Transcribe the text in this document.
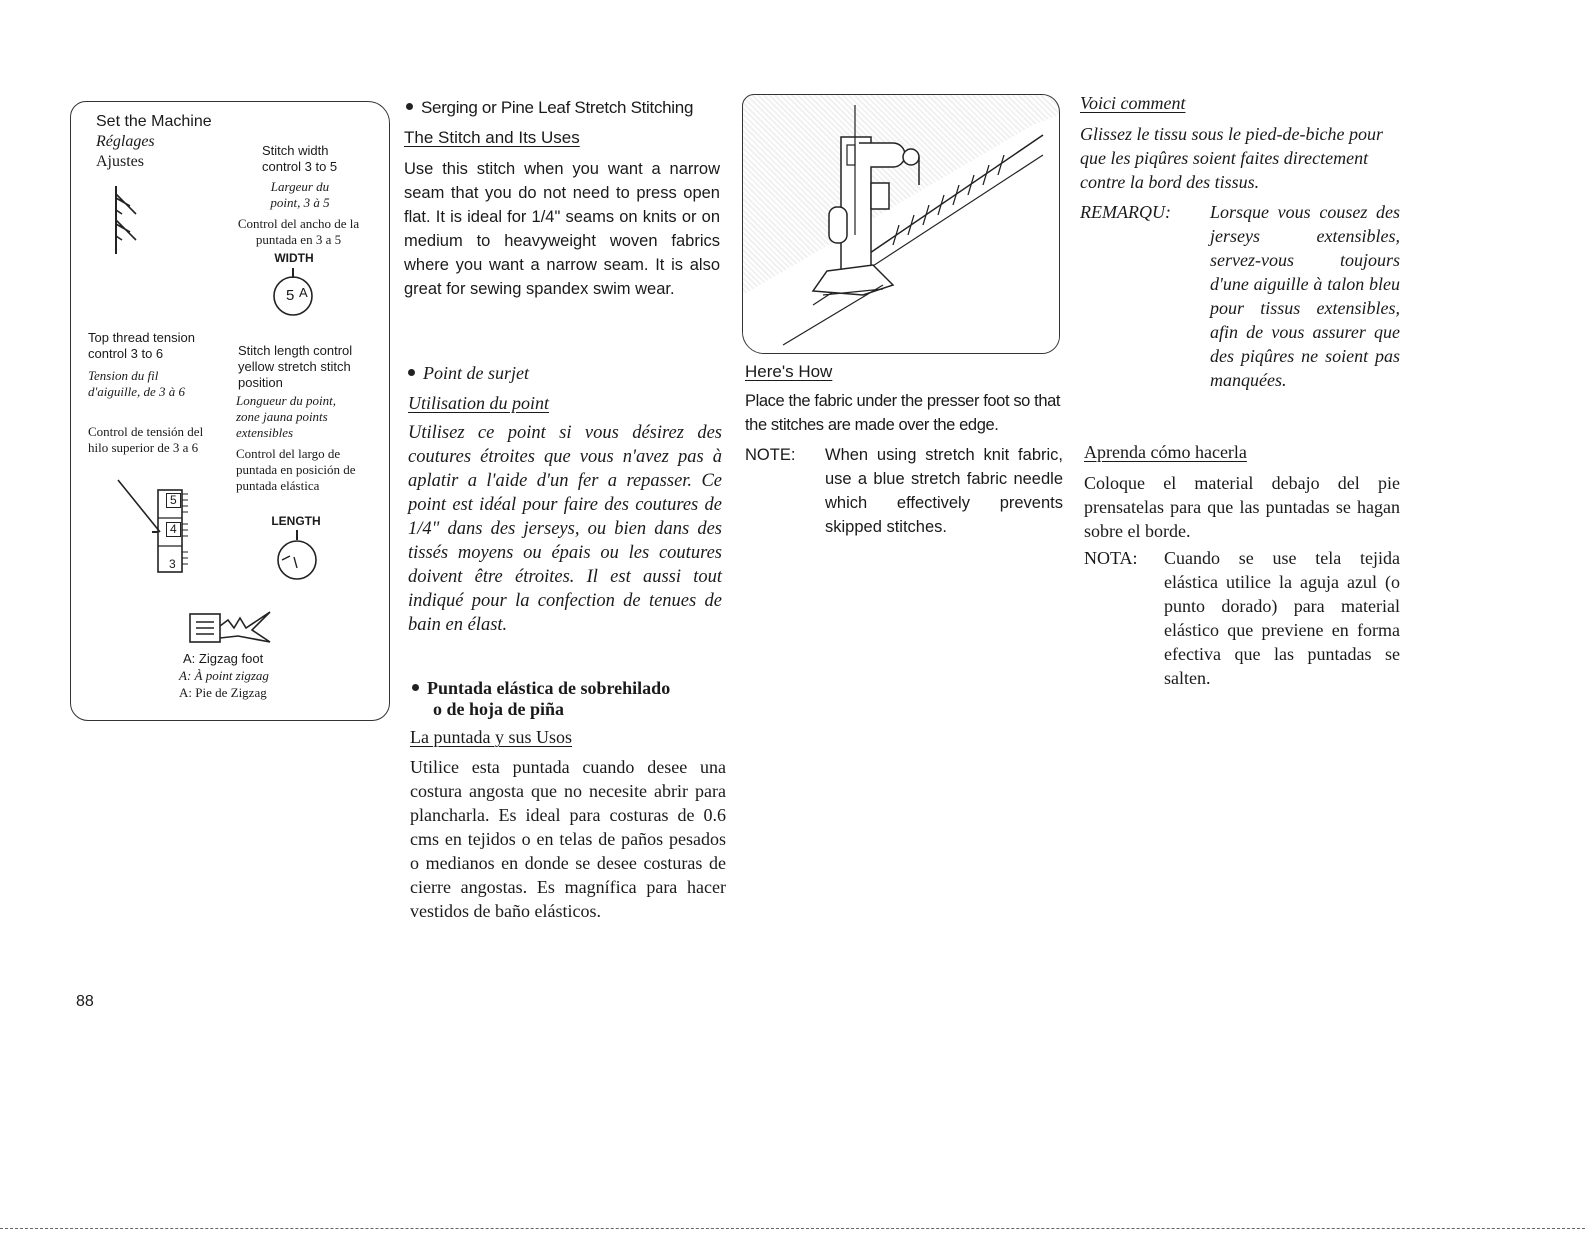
Set the Machine
Réglages
Ajustes
Stitch width control 3 to 5
Largeur du point, 3 à 5
Control del ancho de la puntada en 3 a 5
WIDTH
5 A
Top thread tension control 3 to 6
Tension du fil d'aiguille, de 3 à 6
Control de tensión del hilo superior de 3 a 6
5
4
3
Stitch length control yellow stretch stitch position
Longueur du point, zone jauna points extensibles
Control del largo de puntada en posición de puntada elástica
LENGTH
A: Zigzag foot
A: À point zigzag
A: Pie de Zigzag
Serging or Pine Leaf Stretch Stitching
The Stitch and Its Uses
Use this stitch when you want a narrow seam that you do not need to press open flat. It is ideal for 1/4" seams on knits or on medium to heavyweight woven fabrics where you want a narrow seam. It is also great for sewing spandex swim wear.
Point de surjet
Utilisation du point
Utilisez ce point si vous désirez des coutures étroites que vous n'avez pas à aplatir a l'aide d'un fer a repasser. Ce point est idéal pour faire des coutures de 1/4" dans des jerseys, ou bien dans des tissés moyens ou épais ou les coutures doivent être étroites. Il est aussi tout indiqué pour la confection de tenues de bain en élast.
Puntada elástica de sobrehilado
o de hoja de piña
La puntada y sus Usos
Utilice esta puntada cuando desee una costura angosta que no necesite abrir para plancharla. Es ideal para costuras de 0.6 cms en tejidos o en telas de paños pesados o medianos en donde se desee costuras de cierre angostas. Es magnífica para hacer vestidos de baño elásticos.
Here's How
Place the fabric under the presser foot so that the stitches are made over the edge.
NOTE:	When using stretch knit fabric, use a blue stretch fabric needle which effectively prevents skipped stitches.
Voici comment
Glissez le tissu sous le pied-de-biche pour que les piqûres soient faites directement contre la bord des tissus.
REMARQU:	Lorsque vous cousez des jerseys extensibles, servez-vous toujours d'une aiguille à talon bleu pour tissus extensibles, afin de vous assurer que des piqûres ne soient pas manquées.
Aprenda cómo hacerla
Coloque el material debajo del pie prensatelas para que las puntadas se hagan sobre el borde.
NOTA:	Cuando se use tela tejida elástica utilice la aguja azul (o punto dorado) para material elástico que previene en forma efectiva que las puntadas se salten.
88
